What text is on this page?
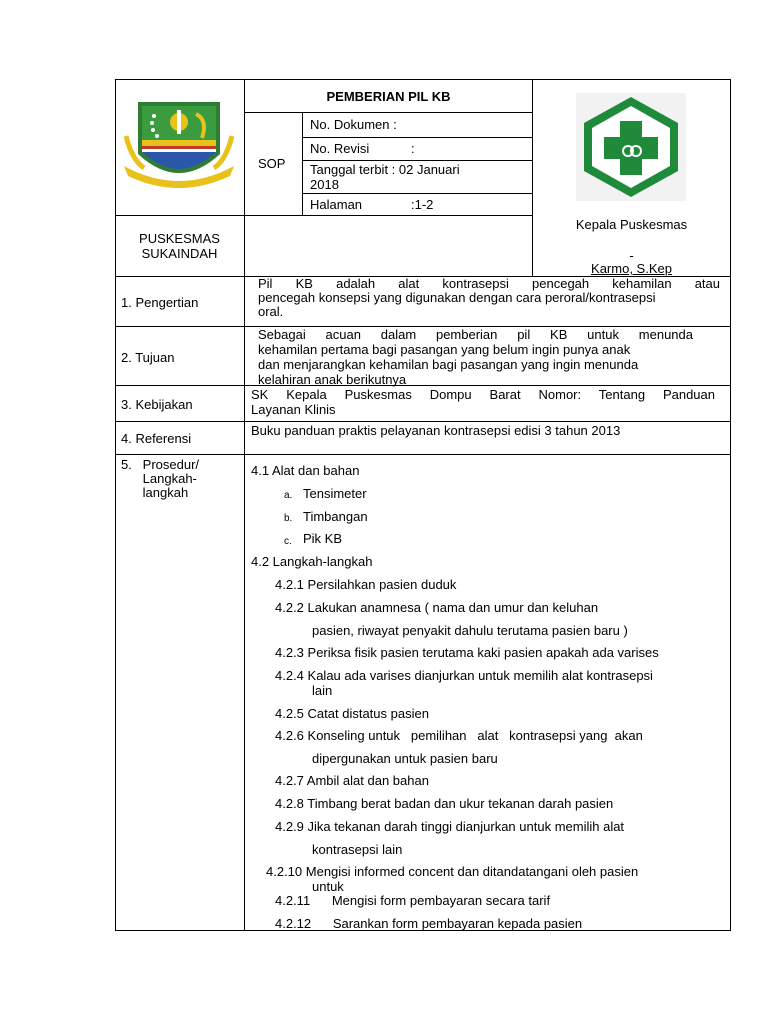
PEMBERIAN PIL KB
SOP
No. Dokumen :
No. Revisi	:
Tanggal terbit : 02 Januari
2018
Halaman	:1-2
PUSKESMAS
SUKAINDAH
Kepala Puskesmas
-
Karmo, S.Kep
1. Pengertian
Pil KB adalah alat kontrasepsi pencegah kehamilan atau
pencegah konsepsi yang digunakan dengan cara peroral/kontrasepsi
oral.
2. Tujuan
Sebagai acuan dalam pemberian pil KB untuk menunda
kehamilan pertama bagi pasangan yang belum ingin punya anak
dan menjarangkan kehamilan bagi pasangan yang ingin menunda
kelahiran anak berikutnya
3. Kebijakan
SK Kepala Puskesmas Dompu Barat Nomor: Tentang Panduan
Layanan Klinis
4. Referensi
Buku panduan praktis pelayanan kontrasepsi edisi 3 tahun 2013
5.   Prosedur/
Langkah-
langkah
4.1 Alat dan bahan
a. Tensimeter
b. Timbangan
c. Pik KB
4.2 Langkah-langkah
4.2.1 Persilahkan pasien duduk
4.2.2 Lakukan anamnesa ( nama dan umur dan keluhan
pasien, riwayat penyakit dahulu terutama pasien baru )
4.2.3 Periksa fisik pasien terutama kaki pasien apakah ada varises
4.2.4 Kalau ada varises dianjurkan untuk memilih alat kontrasepsi
lain
4.2.5 Catat distatus pasien
4.2.6 Konseling untuk   pemilihan   alat   kontrasepsi yang  akan
dipergunakan untuk pasien baru
4.2.7 Ambil alat dan bahan
4.2.8 Timbang berat badan dan ukur tekanan darah pasien
4.2.9 Jika tekanan darah tinggi dianjurkan untuk memilih alat
kontrasepsi lain
4.2.10 Mengisi informed concent dan ditandatangani oleh pasien
untuk
4.2.11      Mengisi form pembayaran secara tarif
4.2.12      Sarankan form pembayaran kepada pasien
